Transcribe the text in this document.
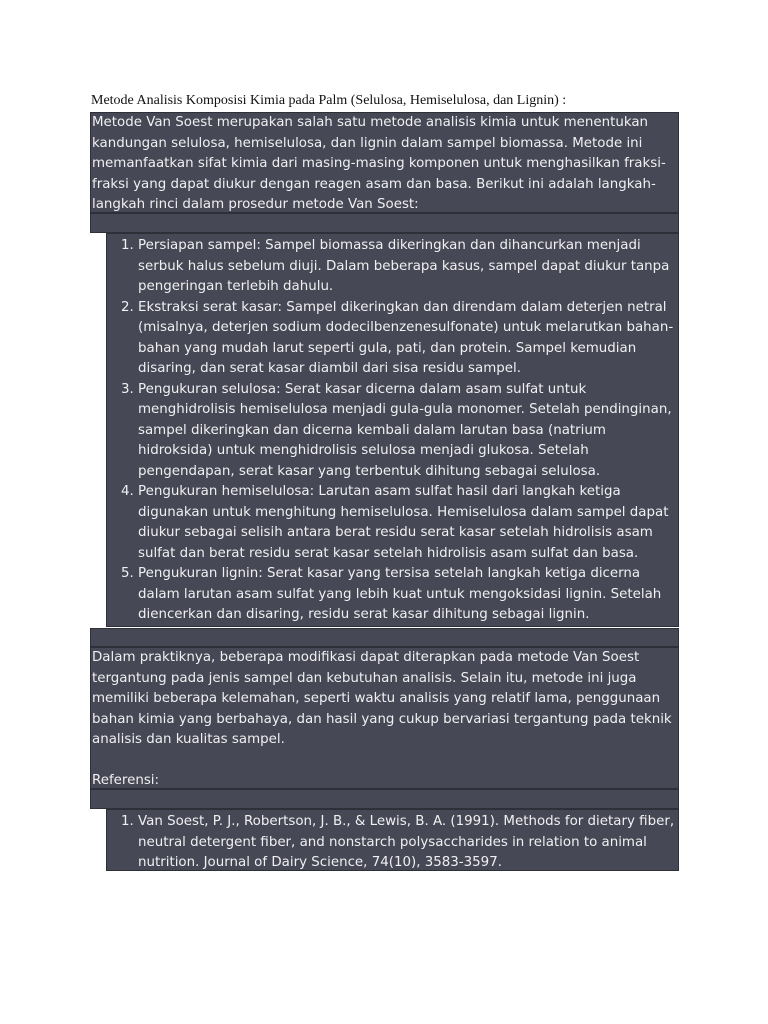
Metode Analisis Komposisi Kimia pada Palm (Selulosa, Hemiselulosa, dan Lignin) :

Metode Van Soest merupakan salah satu metode analisis kimia untuk menentukan kandungan selulosa, hemiselulosa, dan lignin dalam sampel biomassa. Metode ini memanfaatkan sifat kimia dari masing-masing komponen untuk menghasilkan fraksi-fraksi yang dapat diukur dengan reagen asam dan basa. Berikut ini adalah langkah-langkah rinci dalam prosedur metode Van Soest:

1. Persiapan sampel: Sampel biomassa dikeringkan dan dihancurkan menjadi serbuk halus sebelum diuji. Dalam beberapa kasus, sampel dapat diukur tanpa pengeringan terlebih dahulu.
2. Ekstraksi serat kasar: Sampel dikeringkan dan direndam dalam deterjen netral (misalnya, deterjen sodium dodecilbenzenesulfonate) untuk melarutkan bahan-bahan yang mudah larut seperti gula, pati, dan protein. Sampel kemudian disaring, dan serat kasar diambil dari sisa residu sampel.
3. Pengukuran selulosa: Serat kasar dicerna dalam asam sulfat untuk menghidrolisis hemiselulosa menjadi gula-gula monomer. Setelah pendinginan, sampel dikeringkan dan dicerna kembali dalam larutan basa (natrium hidroksida) untuk menghidrolisis selulosa menjadi glukosa. Setelah pengendapan, serat kasar yang terbentuk dihitung sebagai selulosa.
4. Pengukuran hemiselulosa: Larutan asam sulfat hasil dari langkah ketiga digunakan untuk menghitung hemiselulosa. Hemiselulosa dalam sampel dapat diukur sebagai selisih antara berat residu serat kasar setelah hidrolisis asam sulfat dan berat residu serat kasar setelah hidrolisis asam sulfat dan basa.
5. Pengukuran lignin: Serat kasar yang tersisa setelah langkah ketiga dicerna dalam larutan asam sulfat yang lebih kuat untuk mengoksidasi lignin. Setelah diencerkan dan disaring, residu serat kasar dihitung sebagai lignin.

Dalam praktiknya, beberapa modifikasi dapat diterapkan pada metode Van Soest tergantung pada jenis sampel dan kebutuhan analisis. Selain itu, metode ini juga memiliki beberapa kelemahan, seperti waktu analisis yang relatif lama, penggunaan bahan kimia yang berbahaya, dan hasil yang cukup bervariasi tergantung pada teknik analisis dan kualitas sampel.

Referensi:

1. Van Soest, P. J., Robertson, J. B., & Lewis, B. A. (1991). Methods for dietary fiber, neutral detergent fiber, and nonstarch polysaccharides in relation to animal nutrition. Journal of Dairy Science, 74(10), 3583-3597.
